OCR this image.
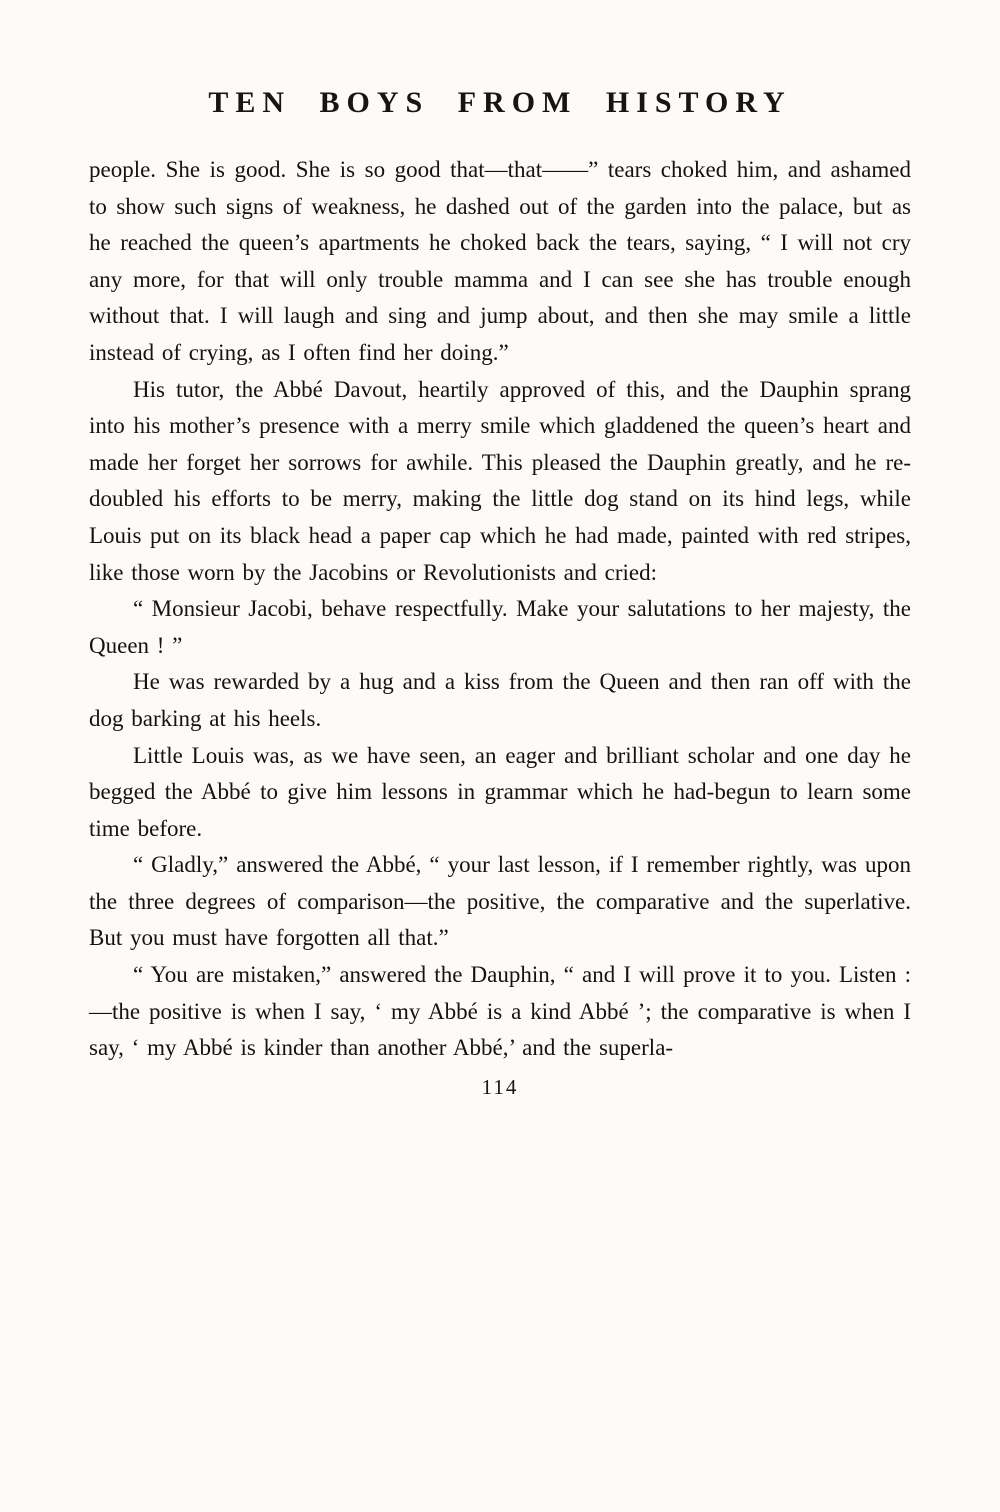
TEN BOYS FROM HISTORY

people. She is good. She is so good that—that——” tears choked him, and ashamed to show such signs of weakness, he dashed out of the garden into the palace, but as he reached the queen’s apartments he choked back the tears, saying, “ I will not cry any more, for that will only trouble mamma and I can see she has trouble enough without that. I will laugh and sing and jump about, and then she may smile a little instead of crying, as I often find her doing.”

His tutor, the Abbé Davout, heartily approved of this, and the Dauphin sprang into his mother’s presence with a merry smile which gladdened the queen’s heart and made her forget her sorrows for awhile. This pleased the Dauphin greatly, and he re-doubled his efforts to be merry, making the little dog stand on its hind legs, while Louis put on its black head a paper cap which he had made, painted with red stripes, like those worn by the Jacobins or Revolutionists and cried:

“ Monsieur Jacobi, behave respectfully. Make your salutations to her majesty, the Queen ! ”

He was rewarded by a hug and a kiss from the Queen and then ran off with the dog barking at his heels.

Little Louis was, as we have seen, an eager and brilliant scholar and one day he begged the Abbé to give him lessons in grammar which he had-begun to learn some time before.

“ Gladly,” answered the Abbé, “ your last lesson, if I remember rightly, was upon the three degrees of comparison—the positive, the comparative and the superlative. But you must have forgotten all that.”

“ You are mistaken,” answered the Dauphin, “ and I will prove it to you. Listen :—the positive is when I say, ‘ my Abbé is a kind Abbé ’; the comparative is when I say, ‘ my Abbé is kinder than another Abbé,’ and the superla-

114
